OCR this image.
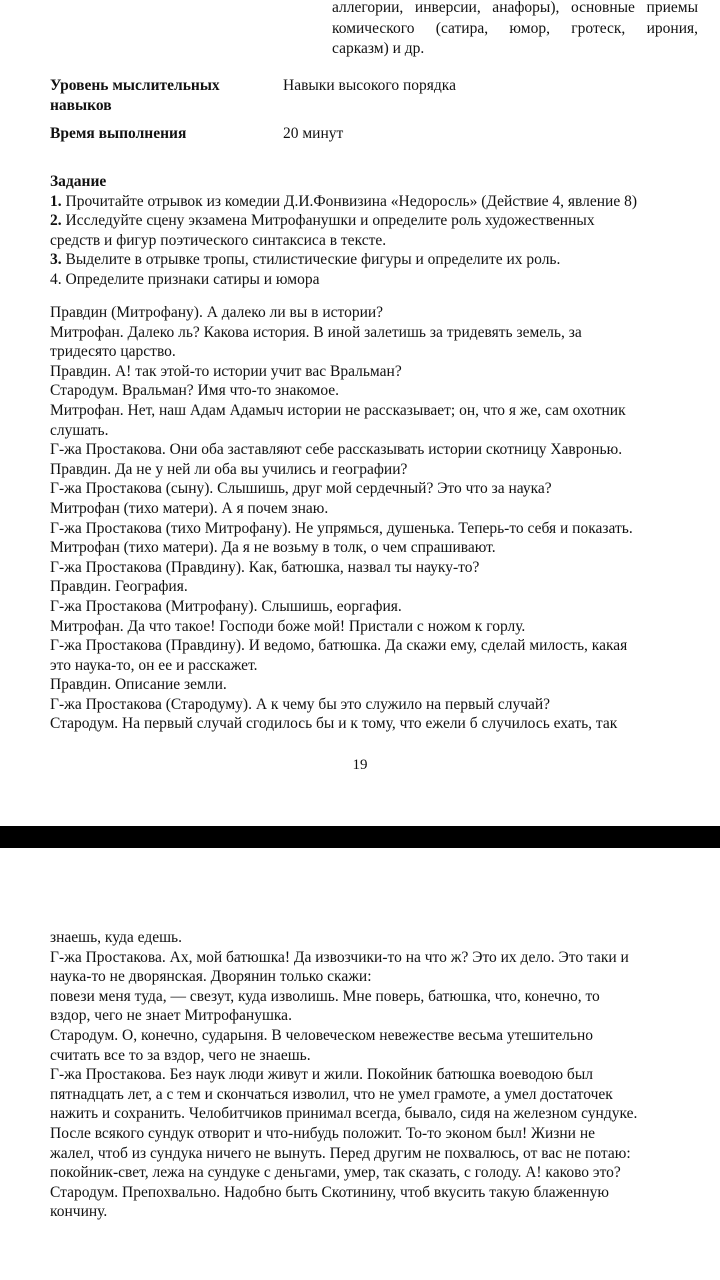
аллегории, инверсии, анафоры), основные приемы
комического (сатира, юмор, гротеск, ирония,
сарказм) и др.
Уровень мыслительных
навыков
Навыки высокого порядка
Время выполнения	20 минут
Задание
1. Прочитайте отрывок из комедии Д.И.Фонвизина «Недоросль» (Действие 4, явление 8)
2. Исследуйте сцену экзамена Митрофанушки и определите роль художественных
средств и фигур поэтического синтаксиса в тексте.
3. Выделите в отрывке тропы, стилистические фигуры и определите их роль.
4. Определите признаки сатиры и юмора
Правдин (Митрофану). А далеко ли вы в истории?
Митрофан. Далеко ль? Какова история. В иной залетишь за тридевять земель, за
тридесято царство.
Правдин. А! так этой-то истории учит вас Вральман?
Стародум. Вральман? Имя что-то знакомое.
Митрофан. Нет, наш Адам Адамыч истории не рассказывает; он, что я же, сам охотник
слушать.
Г-жа Простакова. Они оба заставляют себе рассказывать истории скотницу Хавронью.
Правдин. Да не у ней ли оба вы учились и географии?
Г-жа Простакова (сыну). Слышишь, друг мой сердечный? Это что за наука?
Митрофан (тихо матери). А я почем знаю.
Г-жа Простакова (тихо Митрофану). Не упрямься, душенька. Теперь-то себя и показать.
Митрофан (тихо матери). Да я не возьму в толк, о чем спрашивают.
Г-жа Простакова (Правдину). Как, батюшка, назвал ты науку-то?
Правдин. География.
Г-жа Простакова (Митрофану). Слышишь, еоргафия.
Митрофан. Да что такое! Господи боже мой! Пристали с ножом к горлу.
Г-жа Простакова (Правдину). И ведомо, батюшка. Да скажи ему, сделай милость, какая
это наука-то, он ее и расскажет.
Правдин. Описание земли.
Г-жа Простакова (Стародуму). А к чему бы это служило на первый случай?
Стародум. На первый случай сгодилось бы и к тому, что ежели б случилось ехать, так
19
знаешь, куда едешь.
Г-жа Простакова. Ах, мой батюшка! Да извозчики-то на что ж? Это их дело. Это таки и
наука-то не дворянская. Дворянин только скажи:
повези меня туда, — свезут, куда изволишь. Мне поверь, батюшка, что, конечно, то
вздор, чего не знает Митрофанушка.
Стародум. О, конечно, сударыня. В человеческом невежестве весьма утешительно
считать все то за вздор, чего не знаешь.
Г-жа Простакова. Без наук люди живут и жили. Покойник батюшка воеводою был
пятнадцать лет, а с тем и скончаться изволил, что не умел грамоте, а умел достаточек
нажить и сохранить. Челобитчиков принимал всегда, бывало, сидя на железном сундуке.
После всякого сундук отворит и что-нибудь положит. То-то эконом был! Жизни не
жалел, чтоб из сундука ничего не вынуть. Перед другим не похвалюсь, от вас не потаю:
покойник-свет, лежа на сундуке с деньгами, умер, так сказать, с голоду. А! каково это?
Стародум. Препохвально. Надобно быть Скотинину, чтоб вкусить такую блаженную
кончину.
